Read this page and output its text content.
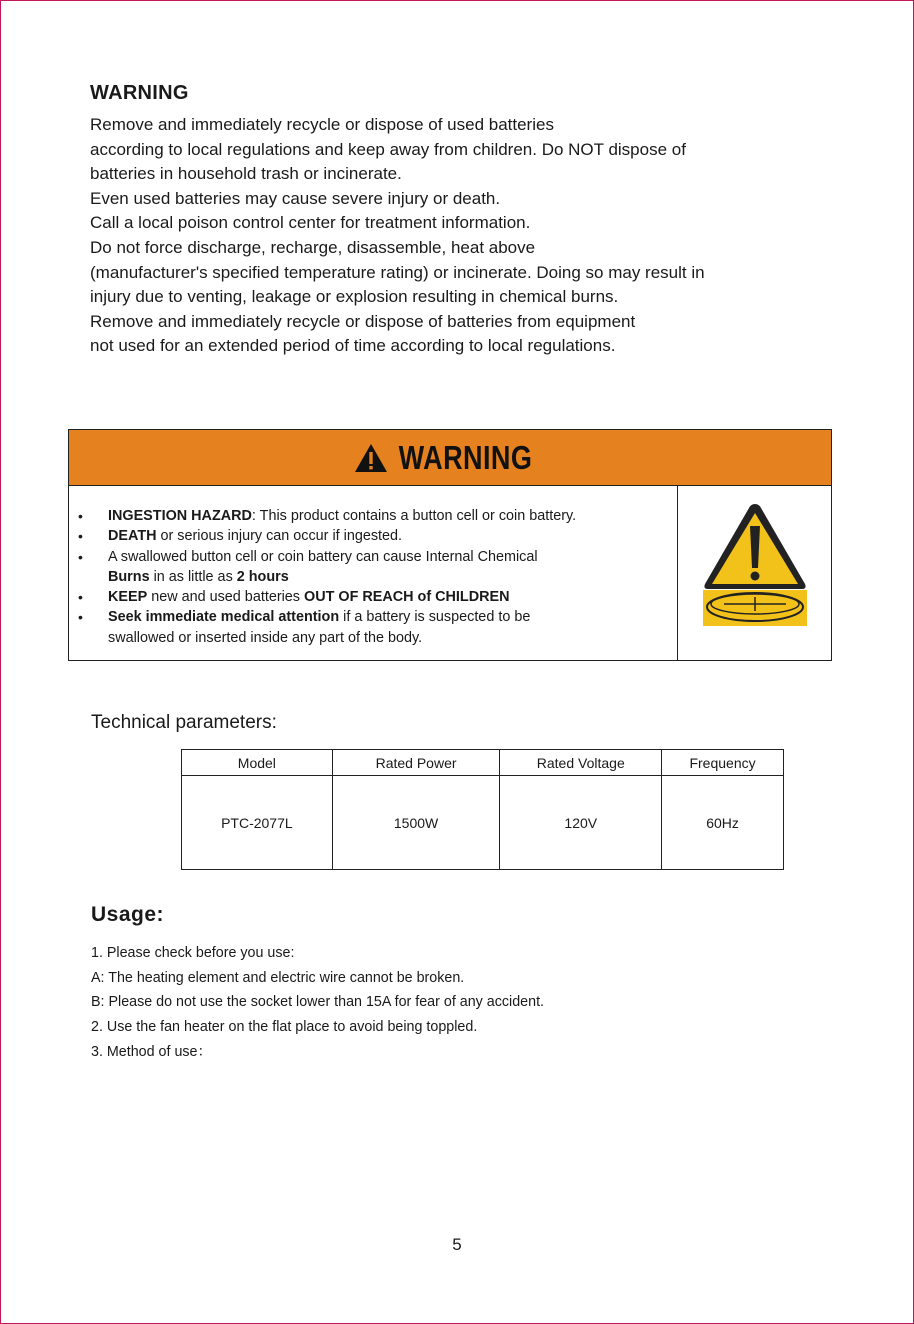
WARNING
Remove and immediately recycle or dispose of used batteries
according to local regulations and keep away from children. Do NOT dispose of
batteries in household trash or incinerate.
Even used batteries may cause severe injury or death.
Call a local poison control center for treatment information.
Do not force discharge, recharge, disassemble, heat above
(manufacturer's specified temperature rating) or incinerate. Doing so may result in
injury due to venting, leakage or explosion resulting in chemical burns.
Remove and immediately recycle or dispose of batteries from equipment
not used for an extended period of time according to local regulations.
WARNING
• INGESTION HAZARD: This product contains a button cell or coin battery.
• DEATH or serious injury can occur if ingested.
• A swallowed button cell or coin battery can cause Internal Chemical
Burns in as little as 2 hours
• KEEP new and used batteries OUT OF REACH of CHILDREN
• Seek immediate medical attention if a battery is suspected to be
swallowed or inserted inside any part of the body.
Technical parameters:
Model	Rated Power	Rated Voltage	Frequency
PTC-2077L	1500W	120V	60Hz
Usage:
1. Please check before you use:
A: The heating element and electric wire cannot be broken.
B: Please do not use the socket lower than 15A for fear of any accident.
2. Use the fan heater on the flat place to avoid being toppled.
3. Method of use：
5
